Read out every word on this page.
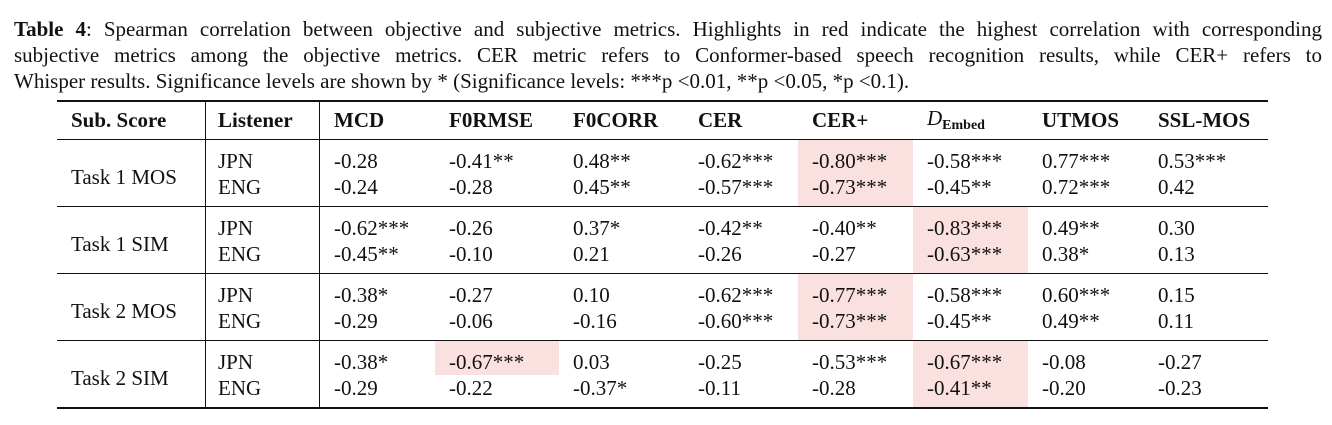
Table 4: Spearman correlation between objective and subjective metrics. Highlights in red indicate the highest correlation with corresponding
subjective metrics among the objective metrics. CER metric refers to Conformer-based speech recognition results, while CER+ refers to
Whisper results. Significance levels are shown by * (Significance levels: ***p <0.01, **p <0.05, *p <0.1).
Sub. Score	Listener	MCD	F0RMSE	F0CORR	CER	CER+	$D_{Embed}$	UTMOS	SSL-MOS
Task 1 MOS	JPN	-0.28	-0.41**	0.48**	-0.62***	-0.80***	-0.58***	0.77***	0.53***
	ENG	-0.24	-0.28	0.45**	-0.57***	-0.73***	-0.45**	0.72***	0.42
Task 1 SIM	JPN	-0.62***	-0.26	0.37*	-0.42**	-0.40**	-0.83***	0.49**	0.30
	ENG	-0.45**	-0.10	0.21	-0.26	-0.27	-0.63***	0.38*	0.13
Task 2 MOS	JPN	-0.38*	-0.27	0.10	-0.62***	-0.77***	-0.58***	0.60***	0.15
	ENG	-0.29	-0.06	-0.16	-0.60***	-0.73***	-0.45**	0.49**	0.11
Task 2 SIM	JPN	-0.38*	-0.67***	0.03	-0.25	-0.53***	-0.67***	-0.08	-0.27
	ENG	-0.29	-0.22	-0.37*	-0.11	-0.28	-0.41**	-0.20	-0.23
